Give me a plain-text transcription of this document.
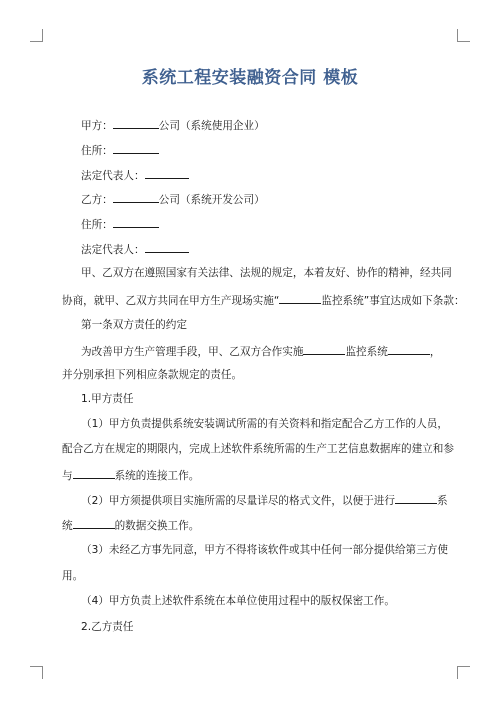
系统工程安装融资合同 模板
甲方：	公司（系统使用企业）
住所：
法定代表人：
乙方：	公司（系统开发公司）
住所：
法定代表人：
甲、乙双方在遵照国家有关法律、法规的规定，本着友好、协作的精神，经共同
协商，就甲、乙双方共同在甲方生产现场实施“	监控系统”事宜达成如下条款：
第一条双方责任的约定
为改善甲方生产管理手段，甲、乙双方合作实施	监控系统	，
并分别承担下列相应条款规定的责任。
1.甲方责任
（1）甲方负责提供系统安装调试所需的有关资料和指定配合乙方工作的人员，
配合乙方在规定的期限内，完成上述软件系统所需的生产工艺信息数据库的建立和参
与	系统的连接工作。
（2）甲方须提供项目实施所需的尽量详尽的格式文件，以便于进行	系
统	的数据交换工作。
（3）未经乙方事先同意，甲方不得将该软件或其中任何一部分提供给第三方使
用。
（4）甲方负责上述软件系统在本单位使用过程中的版权保密工作。
2.乙方责任
